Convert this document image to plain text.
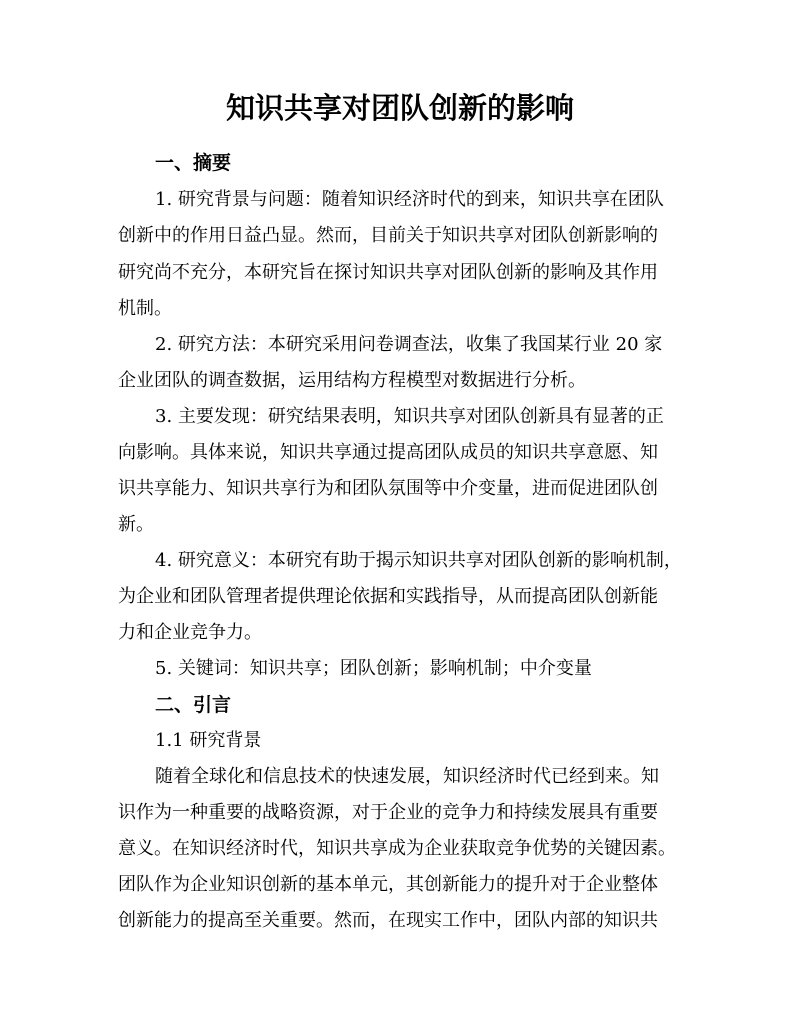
知识共享对团队创新的影响
一、摘要
1. 研究背景与问题：随着知识经济时代的到来，知识共享在团队
创新中的作用日益凸显。然而，目前关于知识共享对团队创新影响的
研究尚不充分，本研究旨在探讨知识共享对团队创新的影响及其作用
机制。
2. 研究方法：本研究采用问卷调查法，收集了我国某行业 20 家
企业团队的调查数据，运用结构方程模型对数据进行分析。
3. 主要发现：研究结果表明，知识共享对团队创新具有显著的正
向影响。具体来说，知识共享通过提高团队成员的知识共享意愿、知
识共享能力、知识共享行为和团队氛围等中介变量，进而促进团队创
新。
4. 研究意义：本研究有助于揭示知识共享对团队创新的影响机制，
为企业和团队管理者提供理论依据和实践指导，从而提高团队创新能
力和企业竞争力。
5. 关键词：知识共享；团队创新；影响机制；中介变量
二、引言
1.1 研究背景
随着全球化和信息技术的快速发展，知识经济时代已经到来。知
识作为一种重要的战略资源，对于企业的竞争力和持续发展具有重要
意义。在知识经济时代，知识共享成为企业获取竞争优势的关键因素。
团队作为企业知识创新的基本单元，其创新能力的提升对于企业整体
创新能力的提高至关重要。然而，在现实工作中，团队内部的知识共
